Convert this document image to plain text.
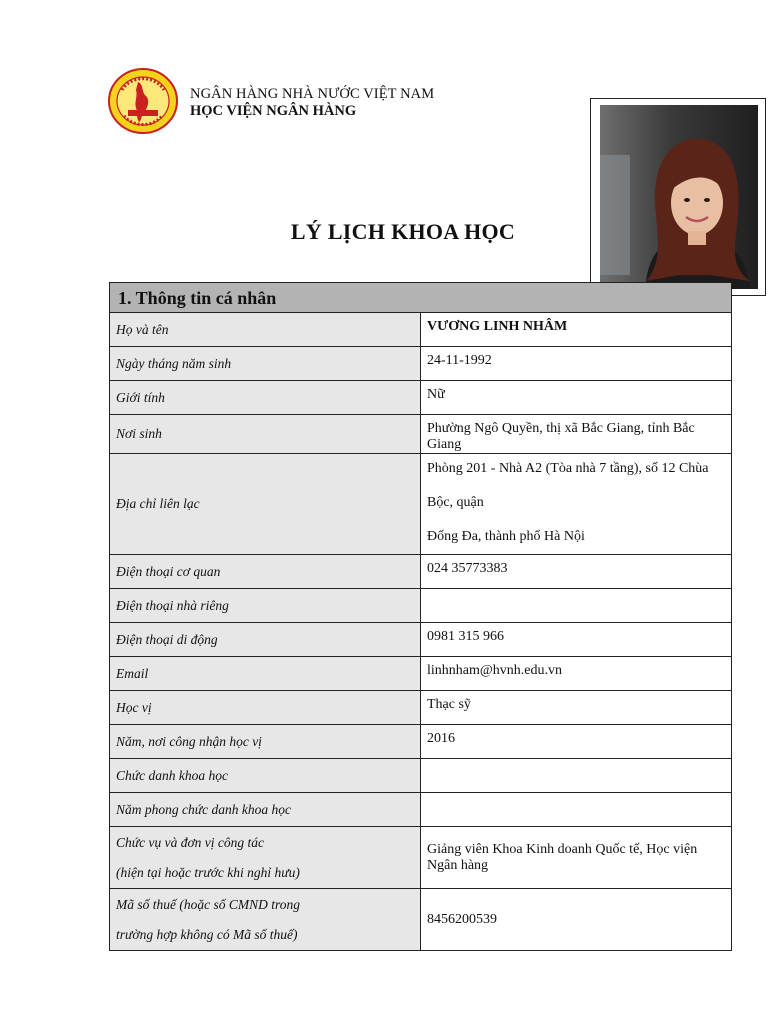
NGÂN HÀNG NHÀ NƯỚC VIỆT NAM
HỌC VIỆN NGÂN HÀNG
LÝ LỊCH KHOA HỌC
1. Thông tin cá nhân	
Họ và tên	VƯƠNG LINH NHÂM
Ngày tháng năm sinh	24-11-1992
Giới tính	Nữ
Nơi sinh	Phường Ngô Quyền, thị xã Bắc Giang, tỉnh Bắc Giang
Địa chỉ liên lạc	Phòng 201 - Nhà A2 (Tòa nhà 7 tầng), số 12 Chùa Bộc, quận
Đống Đa, thành phố Hà Nội

Điện thoại cơ quan	024 35773383
Điện thoại nhà riêng	
Điện thoại di động	0981 315 966
Email	linhnham@hvnh.edu.vn
Học vị	Thạc sỹ
Năm, nơi công nhận học vị	2016
Chức danh khoa học	
Năm phong chức danh khoa học	

Chức vụ và đơn vị công tác
(hiện tại hoặc trước khi nghỉ hưu)	Giảng viên Khoa Kinh doanh Quốc tế, Học viện Ngân hàng

Mã số thuế (hoặc số CMND trong
trường hợp không có Mã số thuế)	8456200539
